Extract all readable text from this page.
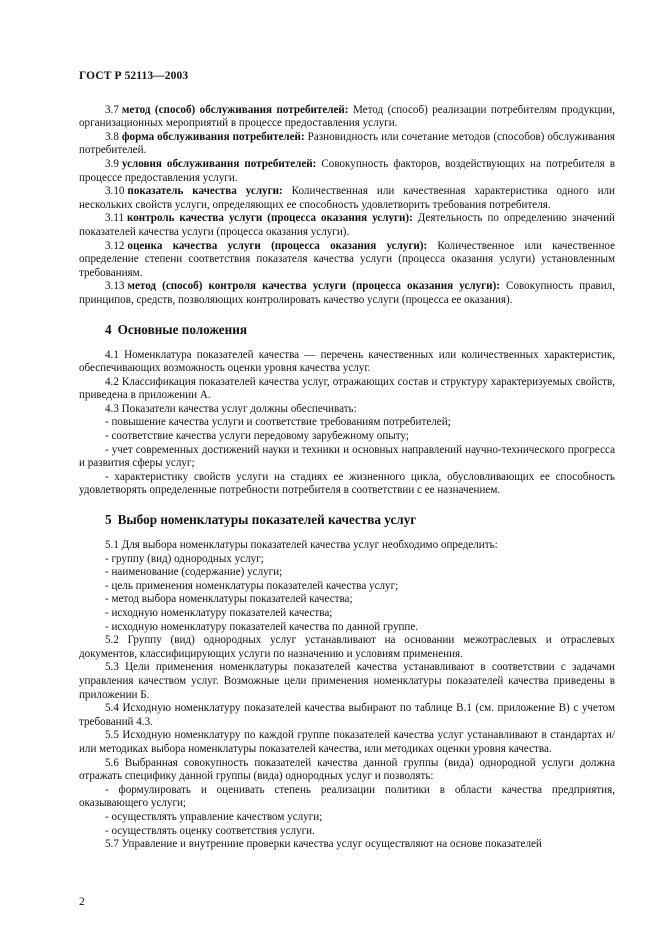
ГОСТ Р 52113—2003

3.7 метод (способ) обслуживания потребителей: Метод (способ) реализации потребителям продукции, организационных мероприятий в процессе предоставления услуги.

3.8 форма обслуживания потребителей: Разновидность или сочетание методов (способов) обслуживания потребителей.

3.9 условия обслуживания потребителей: Совокупность факторов, воздействующих на потребителя в процессе предоставления услуги.

3.10 показатель качества услуги: Количественная или качественная характеристика одного или нескольких свойств услуги, определяющих ее способность удовлетворить требования потребителя.

3.11 контроль качества услуги (процесса оказания услуги): Деятельность по определению значений показателей качества услуги (процесса оказания услуги).

3.12 оценка качества услуги (процесса оказания услуги): Количественное или качественное определение степени соответствия показателя качества услуги (процесса оказания услуги) установленным требованиям.

3.13 метод (способ) контроля качества услуги (процесса оказания услуги): Совокупность правил, принципов, средств, позволяющих контролировать качество услуги (процесса ее оказания).

4 Основные положения

4.1 Номенклатура показателей качества — перечень качественных или количественных характеристик, обеспечивающих возможность оценки уровня качества услуг.

4.2 Классификация показателей качества услуг, отражающих состав и структуру характеризуемых свойств, приведена в приложении А.

4.3 Показатели качества услуг должны обеспечивать:

- повышение качества услуги и соответствие требованиям потребителей;

- соответствие качества услуги передовому зарубежному опыту;

- учет современных достижений науки и техники и основных направлений научно-технического прогресса и развития сферы услуг;

- характеристику свойств услуги на стадиях ее жизненного цикла, обусловливающих ее способность удовлетворять определенные потребности потребителя в соответствии с ее назначением.

5 Выбор номенклатуры показателей качества услуг

5.1 Для выбора номенклатуры показателей качества услуг необходимо определить:

- группу (вид) однородных услуг;

- наименование (содержание) услуги;

- цель применения номенклатуры показателей качества услуг;

- метод выбора номенклатуры показателей качества;

- исходную номенклатуру показателей качества;

- исходную номенклатуру показателей качества по данной группе.

5.2 Группу (вид) однородных услуг устанавливают на основании межотраслевых и отраслевых документов, классифицирующих услуги по назначению и условиям применения.

5.3 Цели применения номенклатуры показателей качества устанавливают в соответствии с задачами управления качеством услуг. Возможные цели применения номенклатуры показателей качества приведены в приложении Б.

5.4 Исходную номенклатуру показателей качества выбирают по таблице В.1 (см. приложение В) с учетом требований 4.3.

5.5 Исходную номенклатуру по каждой группе показателей качества услуг устанавливают в стандартах и/или методиках выбора номенклатуры показателей качества, или методиках оценки уровня качества.

5.6 Выбранная совокупность показателей качества данной группы (вида) однородной услуги должна отражать специфику данной группы (вида) однородных услуг и позволять:

- формулировать и оценивать степень реализации политики в области качества предприятия, оказывающего услуги;

- осуществлять управление качеством услуги;

- осуществлять оценку соответствия услуги.

5.7 Управление и внутренние проверки качества услуг осуществляют на основе показателей

2
